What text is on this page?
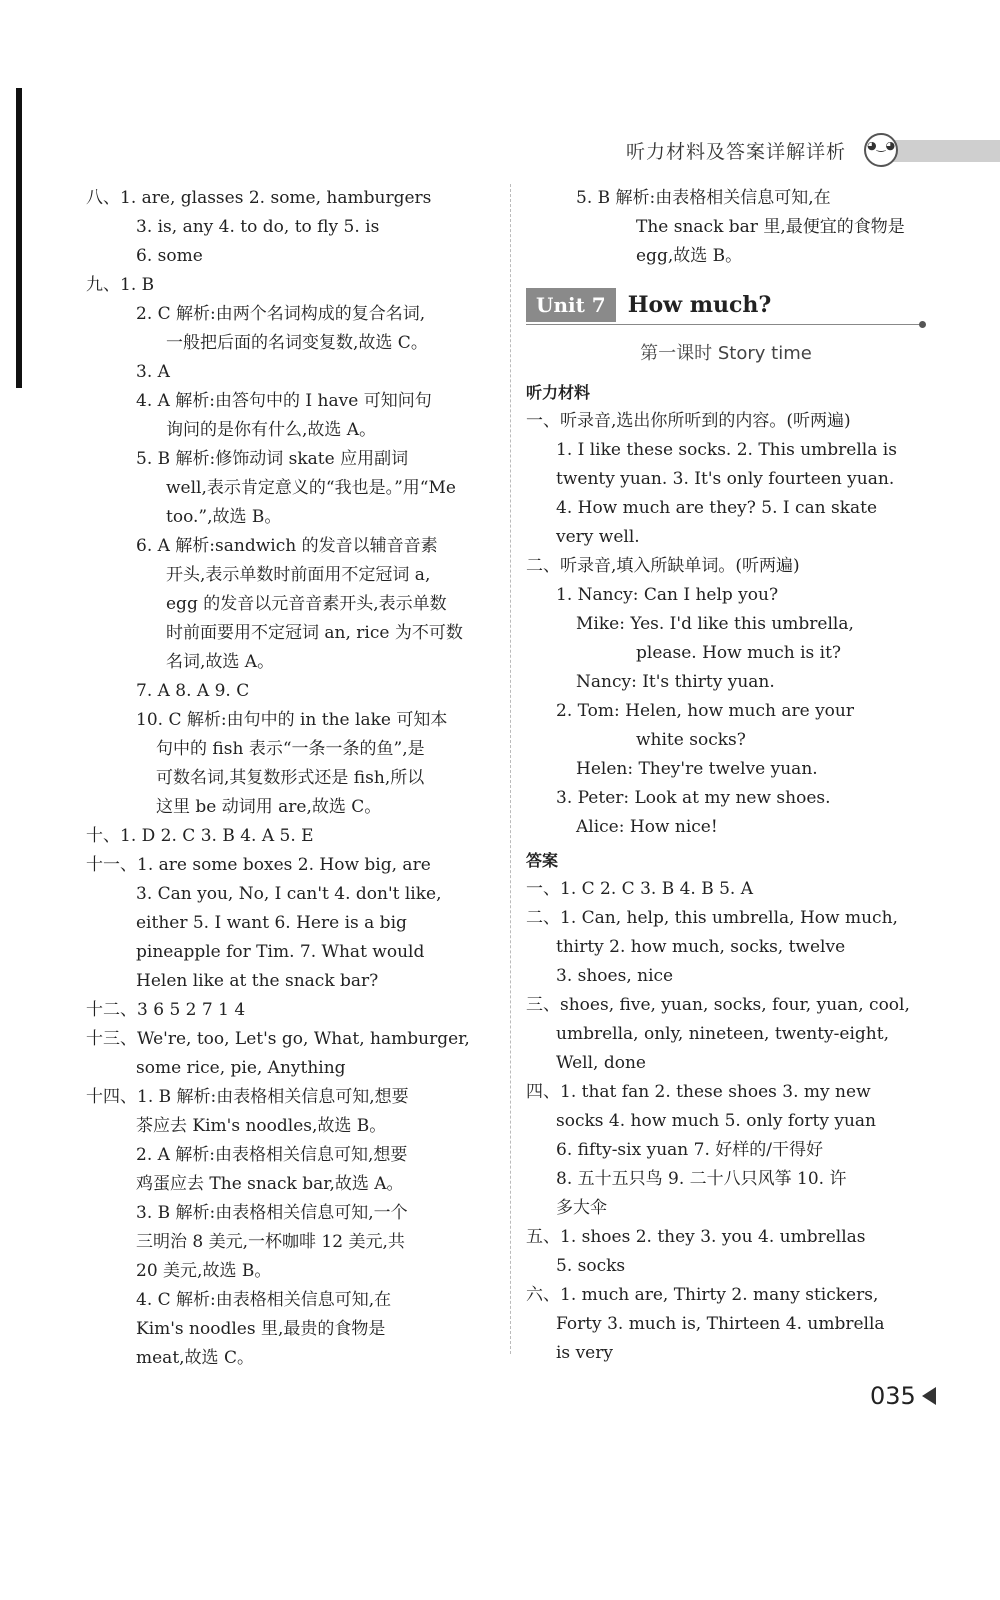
听力材料及答案详解详析
◕‿◕
八、1. are, glasses 2. some, hamburgers
3. is, any 4. to do, to fly 5. is
6. some
九、1. B
2. C 解析:由两个名词构成的复合名词,
一般把后面的名词变复数,故选 C。
3. A
4. A 解析:由答句中的 I have 可知问句
询问的是你有什么,故选 A。
5. B 解析:修饰动词 skate 应用副词
well,表示肯定意义的“我也是。”用“Me
too.”,故选 B。
6. A 解析:sandwich 的发音以辅音音素
开头,表示单数时前面用不定冠词 a,
egg 的发音以元音音素开头,表示单数
时前面要用不定冠词 an, rice 为不可数
名词,故选 A。
7. A 8. A 9. C
10. C 解析:由句中的 in the lake 可知本
句中的 fish 表示“一条一条的鱼”,是
可数名词,其复数形式还是 fish,所以
这里 be 动词用 are,故选 C。
十、1. D 2. C 3. B 4. A 5. E
十一、1. are some boxes 2. How big, are
3. Can you, No, I can't 4. don't like,
either 5. I want 6. Here is a big
pineapple for Tim. 7. What would
Helen like at the snack bar?
十二、3 6 5 2 7 1 4
十三、We're, too, Let's go, What, hamburger,
some rice, pie, Anything
十四、1. B 解析:由表格相关信息可知,想要
茶应去 Kim's noodles,故选 B。
2. A 解析:由表格相关信息可知,想要
鸡蛋应去 The snack bar,故选 A。
3. B 解析:由表格相关信息可知,一个
三明治 8 美元,一杯咖啡 12 美元,共
20 美元,故选 B。
4. C 解析:由表格相关信息可知,在
Kim's noodles 里,最贵的食物是
meat,故选 C。
5. B 解析:由表格相关信息可知,在
The snack bar 里,最便宜的食物是
egg,故选 B。
Unit 7	How much?
第一课时 Story time
听力材料
一、听录音,选出你所听到的内容。(听两遍)
1. I like these socks. 2. This umbrella is
twenty yuan. 3. It's only fourteen yuan.
4. How much are they? 5. I can skate
very well.
二、听录音,填入所缺单词。(听两遍)
1. Nancy: Can I help you?
Mike: Yes. I'd like this umbrella,
please. How much is it?
Nancy: It's thirty yuan.
2. Tom: Helen, how much are your
white socks?
Helen: They're twelve yuan.
3. Peter: Look at my new shoes.
Alice: How nice!
答案
一、1. C 2. C 3. B 4. B 5. A
二、1. Can, help, this umbrella, How much,
thirty 2. how much, socks, twelve
3. shoes, nice
三、shoes, five, yuan, socks, four, yuan, cool,
umbrella, only, nineteen, twenty-eight,
Well, done
四、1. that fan 2. these shoes 3. my new
socks 4. how much 5. only forty yuan
6. fifty-six yuan 7. 好样的/干得好
8. 五十五只鸟 9. 二十八只风筝 10. 许
多大伞
五、1. shoes 2. they 3. you 4. umbrellas
5. socks
六、1. much are, Thirty 2. many stickers,
Forty 3. much is, Thirteen 4. umbrella
is very
035
